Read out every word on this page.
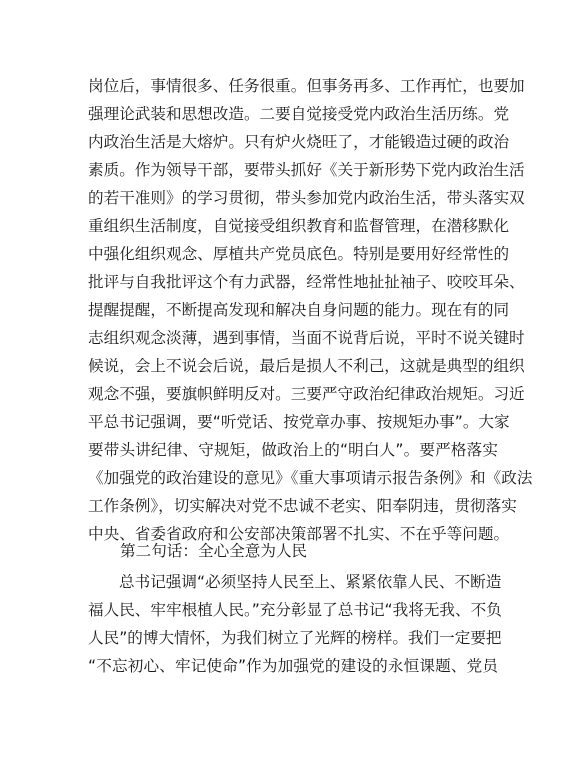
岗位后，事情很多、任务很重。但事务再多、工作再忙，也要加
强理论武装和思想改造。二要自觉接受党内政治生活历练。党
内政治生活是大熔炉。只有炉火烧旺了，才能锻造过硬的政治
素质。作为领导干部，要带头抓好《关于新形势下党内政治生活
的若干准则》的学习贯彻，带头参加党内政治生活，带头落实双
重组织生活制度，自觉接受组织教育和监督管理，在潜移默化
中强化组织观念、厚植共产党员底色。特别是要用好经常性的
批评与自我批评这个有力武器，经常性地扯扯袖子、咬咬耳朵、
提醒提醒，不断提高发现和解决自身问题的能力。现在有的同
志组织观念淡薄，遇到事情，当面不说背后说，平时不说关键时
候说，会上不说会后说，最后是损人不利己，这就是典型的组织
观念不强，要旗帜鲜明反对。三要严守政治纪律政治规矩。习近
平总书记强调，要“听党话、按党章办事、按规矩办事”。大家
要带头讲纪律、守规矩，做政治上的“明白人”。要严格落实
《加强党的政治建设的意见》《重大事项请示报告条例》和《政法
工作条例》，切实解决对党不忠诚不老实、阳奉阴违，贯彻落实
中央、省委省政府和公安部决策部署不扎实、不在乎等问题。
第二句话：全心全意为人民
总书记强调“必须坚持人民至上、紧紧依靠人民、不断造
福人民、牢牢根植人民。”充分彰显了总书记“我将无我、不负
人民”的博大情怀，为我们树立了光辉的榜样。我们一定要把
“不忘初心、牢记使命”作为加强党的建设的永恒课题、党员
